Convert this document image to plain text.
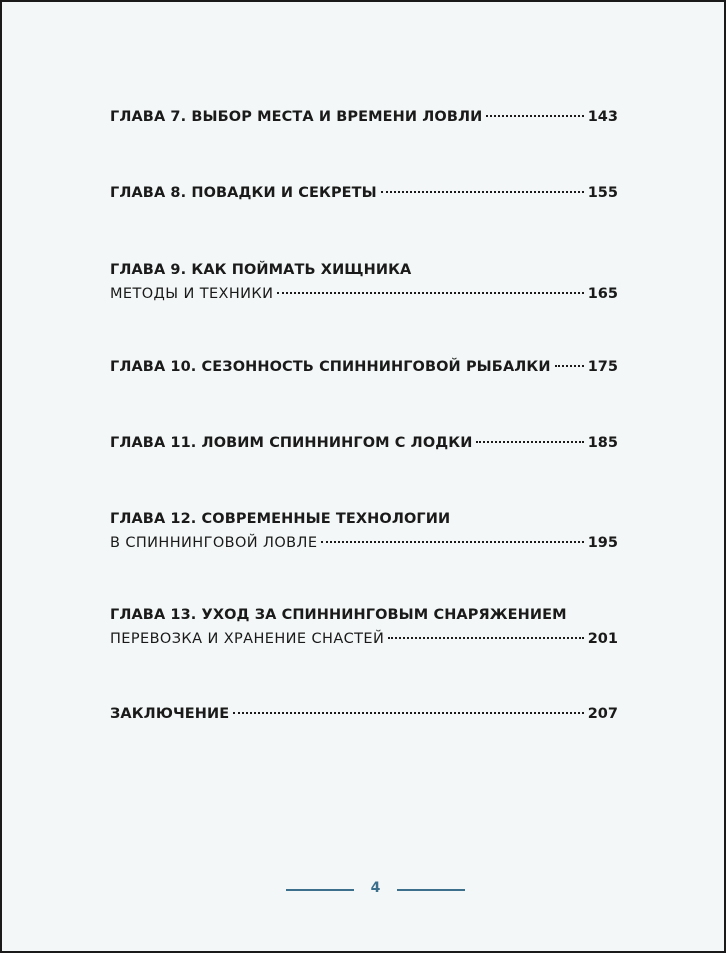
ГЛАВА 7. ВЫБОР МЕСТА И ВРЕМЕНИ ЛОВЛИ	143
ГЛАВА 8. ПОВАДКИ И СЕКРЕТЫ	155
ГЛАВА 9. КАК ПОЙМАТЬ ХИЩНИКА
МЕТОДЫ И ТЕХНИКИ	165
ГЛАВА 10. СЕЗОННОСТЬ СПИННИНГОВОЙ РЫБАЛКИ	175
ГЛАВА 11. ЛОВИМ СПИННИНГОМ С ЛОДКИ	185
ГЛАВА 12. СОВРЕМЕННЫЕ ТЕХНОЛОГИИ
В СПИННИНГОВОЙ ЛОВЛЕ	195
ГЛАВА 13. УХОД ЗА СПИННИНГОВЫМ СНАРЯЖЕНИЕМ
ПЕРЕВОЗКА И ХРАНЕНИЕ СНАСТЕЙ	201
ЗАКЛЮЧЕНИЕ	207
4
